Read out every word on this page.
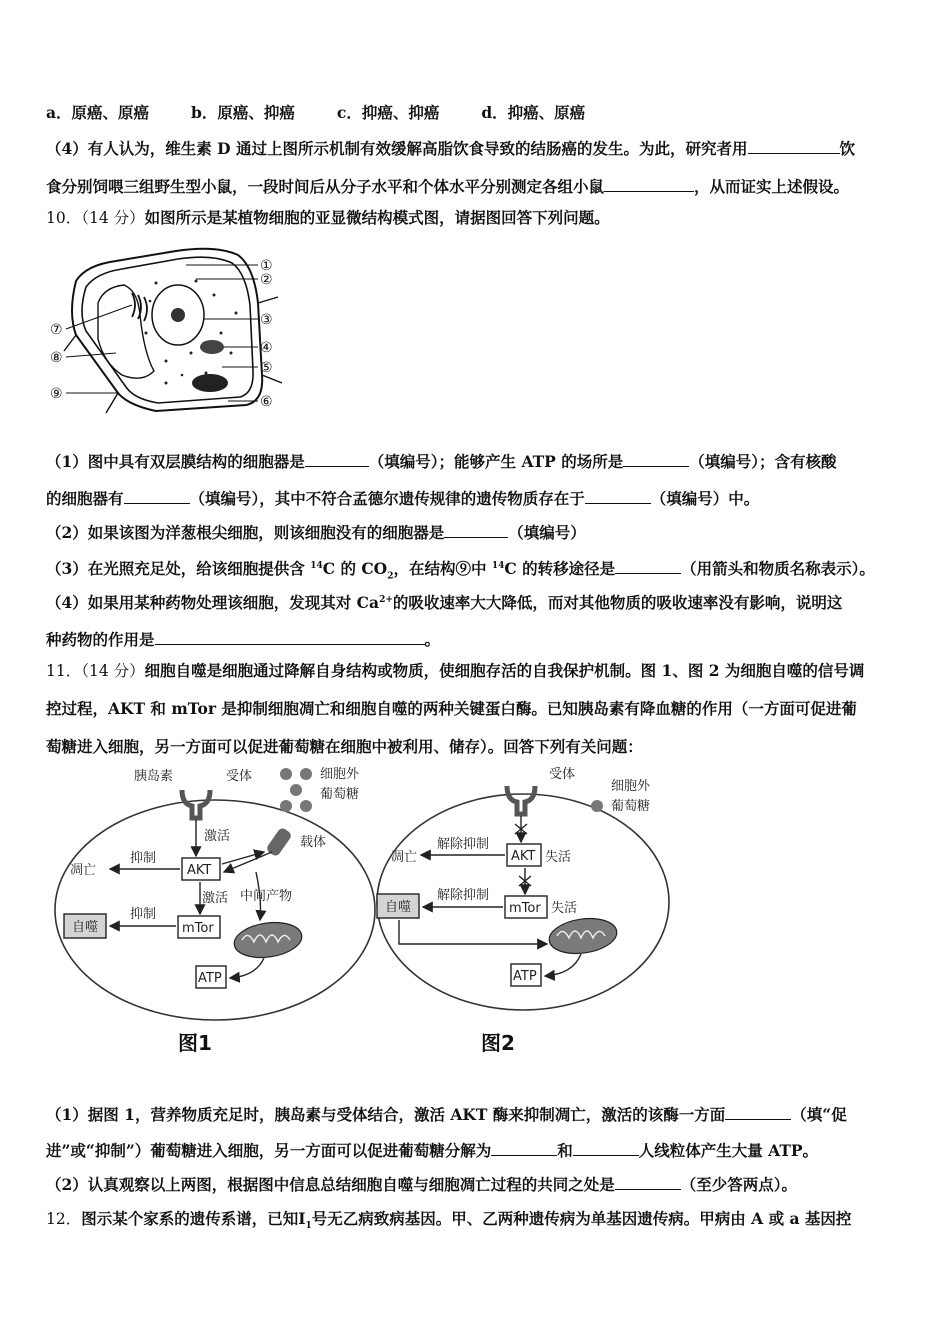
a．原癌、原癌	b．原癌、抑癌	c．抑癌、抑癌	d．抑癌、原癌
（4）有人认为，维生素 D 通过上图所示机制有效缓解高脂饮食导致的结肠癌的发生。为此，研究者用	饮
食分别饲喂三组野生型小鼠，一段时间后从分子水平和个体水平分别测定各组小鼠	，从而证实上述假设。
10．（14 分）如图所示是某植物细胞的亚显微结构模式图，请据图回答下列问题。
①
②
③
④
⑤
⑥
⑦
⑧
⑨
（1）图中具有双层膜结构的细胞器是	（填编号）；能够产生 ATP 的场所是	（填编号）；含有核酸
的细胞器有	（填编号），其中不符合孟德尔遗传规律的遗传物质存在于	（填编号）中。
（2）如果该图为洋葱根尖细胞，则该细胞没有的细胞器是	（填编号）
（3）在光照充足处，给该细胞提供含 $^{14}$C 的 $CO_2$，在结构⑨中 $^{14}$C 的转移途径是	（用箭头和物质名称表示）。
（4）如果用某种药物处理该细胞，发现其对 $Ca^{2+}$的吸收速率大大降低，而对其他物质的吸收速率没有影响，说明这
种药物的作用是	。
11．（14 分）细胞自噬是细胞通过降解自身结构或物质，使细胞存活的自我保护机制。图 1、图 2 为细胞自噬的信号调
控过程，AKT 和 mTor 是抑制细胞凋亡和细胞自噬的两种关键蛋白酶。已知胰岛素有降血糖的作用（一方面可促进葡
萄糖进入细胞，另一方面可以促进葡萄糖在细胞中被利用、储存）。回答下列有关问题：
胰岛素	受体	细胞外
葡萄糖
载体
激活
抑制
凋亡	AKT
激活 中间产物
抑制
自噬	mTor
ATP
图1
受体
细胞外
葡萄糖
解除抑制
凋亡	AKT 失活
解除抑制
自噬	mTor 失活
ATP
图2
（1）据图 1，营养物质充足时，胰岛素与受体结合，激活 AKT 酶来抑制凋亡，激活的该酶一方面	（填“促
进”或“抑制”）葡萄糖进入细胞，另一方面可以促进葡萄糖分解为	和	人线粒体产生大量 ATP。
（2）认真观察以上两图，根据图中信息总结细胞自噬与细胞凋亡过程的共同之处是	（至少答两点）。
12．图示某个家系的遗传系谱，已知$Ⅰ_1$号无乙病致病基因。甲、乙两种遗传病为单基因遗传病。甲病由 A 或 a 基因控
